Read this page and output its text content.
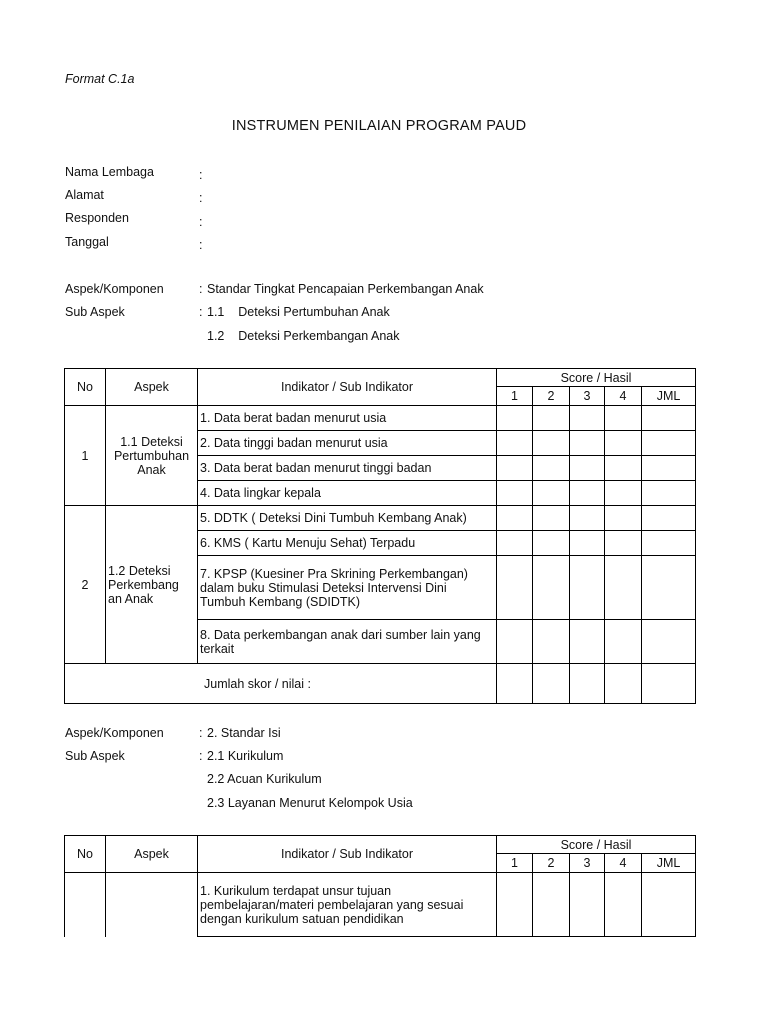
Format C.1a
INSTRUMEN PENILAIAN PROGRAM PAUD
Nama Lembaga	:
Alamat	:
Responden	:
Tanggal	:
Aspek/Komponen	: Standar Tingkat Pencapaian Perkembangan Anak
Sub Aspek	: 1.1    Deteksi Pertumbuhan Anak
1.2    Deteksi Perkembangan Anak
No	Aspek	Indikator / Sub Indikator	Score / Hasil				
			1	2	3	4	JML
1	1.1 Deteksi Pertumbuhan Anak	1. Data berat badan menurut usia					
		2. Data tinggi badan menurut usia					
		3. Data berat badan menurut tinggi badan					
		4. Data lingkar kepala					
2	1.2 Deteksi Perkembang an Anak	5. DDTK ( Deteksi Dini Tumbuh Kembang Anak)					
		6. KMS ( Kartu Menuju Sehat) Terpadu					
		7. KPSP (Kuesiner Pra Skrining Perkembangan) dalam buku Stimulasi Deteksi Intervensi Dini Tumbuh Kembang (SDIDTK)					
		8. Data perkembangan anak dari sumber lain yang terkait					
Jumlah skor / nilai :							
Aspek/Komponen	: 2. Standar Isi
Sub Aspek	: 2.1 Kurikulum
2.2 Acuan Kurikulum
2.3 Layanan Menurut Kelompok Usia
No	Aspek	Indikator / Sub Indikator	Score / Hasil				
			1	2	3	4	JML
		1. Kurikulum terdapat unsur tujuan pembelajaran/materi pembelajaran yang sesuai dengan kurikulum satuan pendidikan					
